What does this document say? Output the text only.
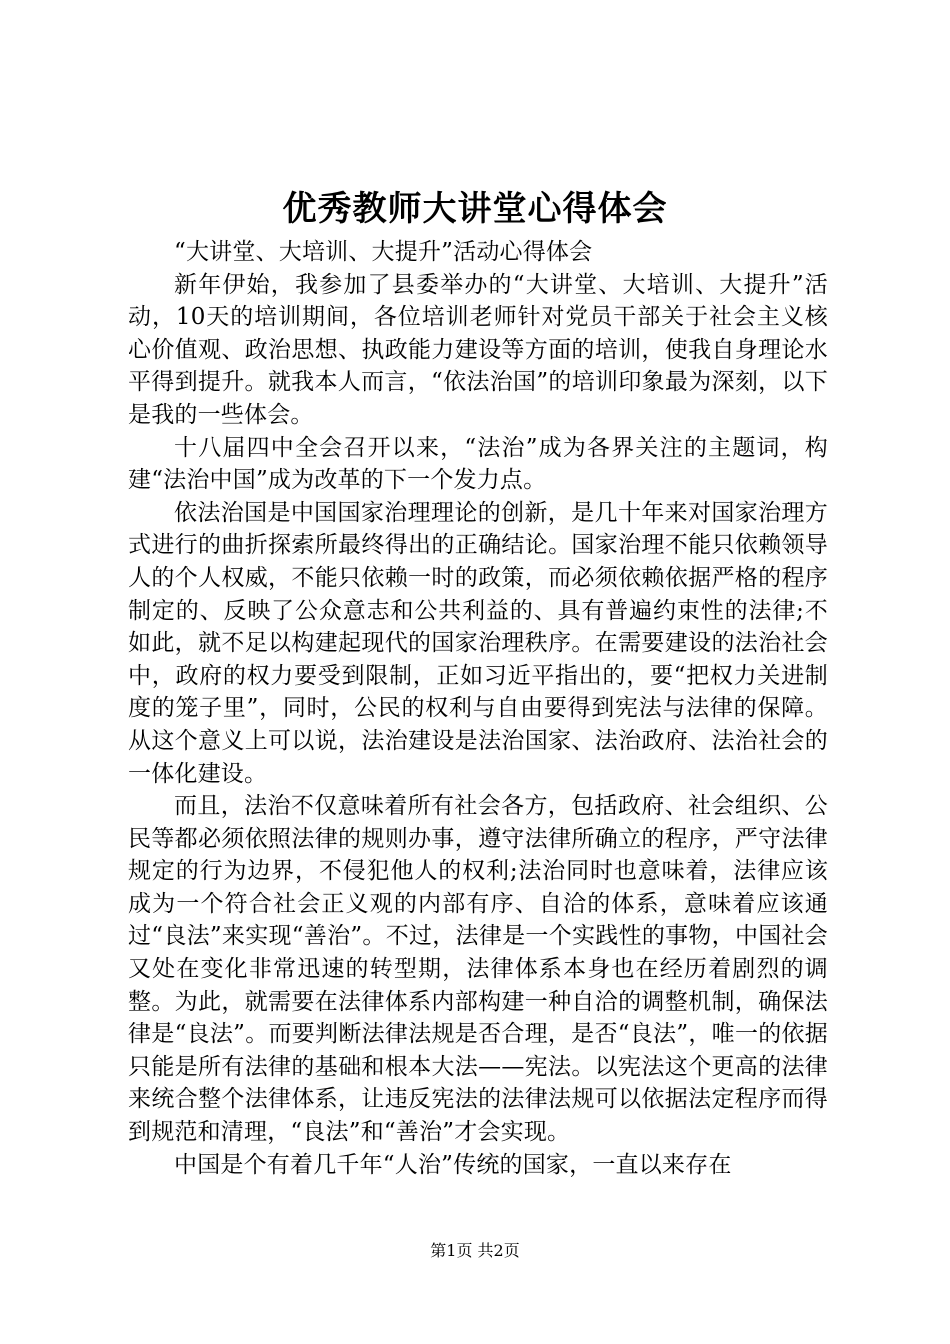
优秀教师大讲堂心得体会

“大讲堂、大培训、大提升”活动心得体会

新年伊始，我参加了县委举办的“大讲堂、大培训、大提升”活动，10天的培训期间，各位培训老师针对党员干部关于社会主义核心价值观、政治思想、执政能力建设等方面的培训，使我自身理论水平得到提升。就我本人而言，“依法治国”的培训印象最为深刻，以下是我的一些体会。

十八届四中全会召开以来，“法治”成为各界关注的主题词，构建“法治中国”成为改革的下一个发力点。

依法治国是中国国家治理理论的创新，是几十年来对国家治理方式进行的曲折探索所最终得出的正确结论。国家治理不能只依赖领导人的个人权威，不能只依赖一时的政策，而必须依赖依据严格的程序制定的、反映了公众意志和公共利益的、具有普遍约束性的法律;不如此，就不足以构建起现代的国家治理秩序。在需要建设的法治社会中，政府的权力要受到限制，正如习近平指出的，要“把权力关进制度的笼子里”，同时，公民的权利与自由要得到宪法与法律的保障。从这个意义上可以说，法治建设是法治国家、法治政府、法治社会的一体化建设。

而且，法治不仅意味着所有社会各方，包括政府、社会组织、公民等都必须依照法律的规则办事，遵守法律所确立的程序，严守法律规定的行为边界，不侵犯他人的权利;法治同时也意味着，法律应该成为一个符合社会正义观的内部有序、自洽的体系，意味着应该通过“良法”来实现“善治”。不过，法律是一个实践性的事物，中国社会又处在变化非常迅速的转型期，法律体系本身也在经历着剧烈的调整。为此，就需要在法律体系内部构建一种自洽的调整机制，确保法律是“良法”。而要判断法律法规是否合理，是否“良法”，唯一的依据只能是所有法律的基础和根本大法——宪法。以宪法这个更高的法律来统合整个法律体系，让违反宪法的法律法规可以依据法定程序而得到规范和清理，“良法”和“善治”才会实现。

中国是个有着几千年“人治”传统的国家，一直以来存在

第1页 共2页
